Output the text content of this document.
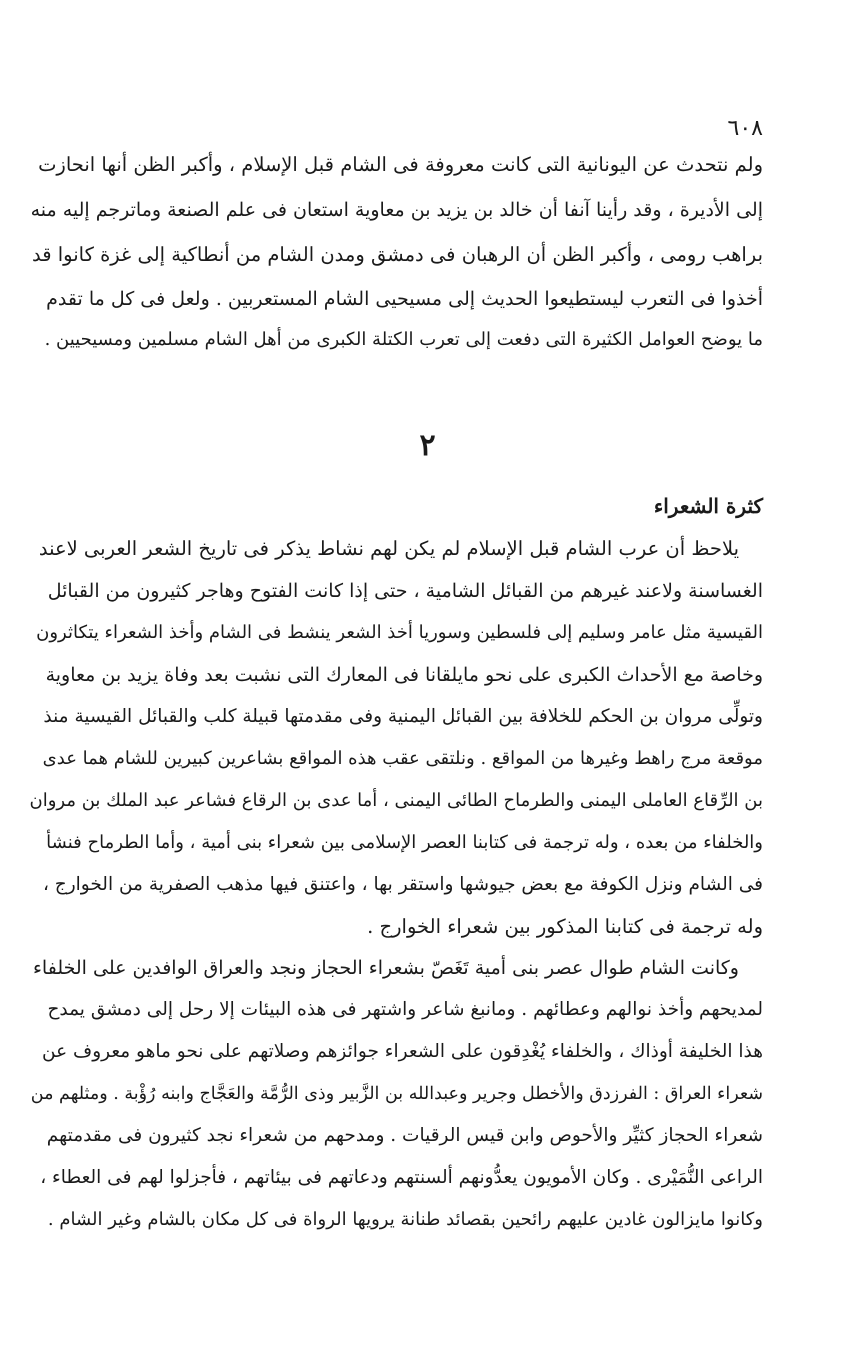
٦٠٨
ولم نتحدث عن اليونانية التى كانت معروفة فى الشام قبل الإسلام ، وأكبر الظن أنها انحازت
إلى الأديرة ، وقد رأينا آنفا أن خالد بن يزيد بن معاوية استعان فى علم الصنعة وماترجم إليه منه
براهب رومى ، وأكبر الظن أن الرهبان فى دمشق ومدن الشام من أنطاكية إلى غزة كانوا قد
أخذوا فى التعرب ليستطيعوا الحديث إلى مسيحيى الشام المستعربين . ولعل فى كل ما تقدم
ما يوضح العوامل الكثيرة التى دفعت إلى تعرب الكتلة الكبرى من أهل الشام مسلمين ومسيحيين .
٢
كثرة الشعراء
يلاحظ أن عرب الشام قبل الإسلام لم يكن لهم نشاط يذكر فى تاريخ الشعر العربى لاعند
الغساسنة ولاعند غيرهم من القبائل الشامية ، حتى إذا كانت الفتوح وهاجر كثيرون من القبائل
القيسية مثل عامر وسليم إلى فلسطين وسوريا أخذ الشعر ينشط فى الشام وأخذ الشعراء يتكاثرون
وخاصة مع الأحداث الكبرى على نحو مايلقانا فى المعارك التى نشبت بعد وفاة يزيد بن معاوية
وتولِّى مروان بن الحكم للخلافة بين القبائل اليمنية وفى مقدمتها قبيلة كلب والقبائل القيسية منذ
موقعة مرج راهط وغيرها من المواقع . ونلتقى عقب هذه المواقع بشاعرين كبيرين للشام هما عدى
بن الرِّقاع العاملى اليمنى والطرماح الطائى اليمنى ، أما عدى بن الرقاع فشاعر عبد الملك بن مروان
والخلفاء من بعده ، وله ترجمة فى كتابنا العصر الإسلامى بين شعراء بنى أمية ، وأما الطرماح فنشأ
فى الشام ونزل الكوفة مع بعض جيوشها واستقر بها ، واعتنق فيها مذهب الصفرية من الخوارج ،
وله ترجمة فى كتابنا المذكور بين شعراء الخوارج .
وكانت الشام طوال عصر بنى أمية تَغَصّ بشعراء الحجاز ونجد والعراق الوافدين على الخلفاء
لمديحهم وأخذ نوالهم وعطائهم . ومانبغ شاعر واشتهر فى هذه البيئات إلا رحل إلى دمشق يمدح
هذا الخليفة أوذاك ، والخلفاء يُغْدِقون على الشعراء جوائزهم وصلاتهم على نحو ماهو معروف عن
شعراء العراق : الفرزدق والأخطل وجرير وعبدالله بن الزَّبير وذى الرُّمَّة والعَجَّاج وابنه رُؤْبة . ومثلهم من
شعراء الحجاز كثيِّر والأحوص وابن قيس الرقيات . ومدحهم من شعراء نجد كثيرون فى مقدمتهم
الراعى النُّمَيْرى . وكان الأمويون يعدُّونهم ألسنتهم ودعاتهم فى بيئاتهم ، فأجزلوا لهم فى العطاء ،
وكانوا مايزالون غادين عليهم رائحين بقصائد طنانة يرويها الرواة فى كل مكان بالشام وغير الشام .
